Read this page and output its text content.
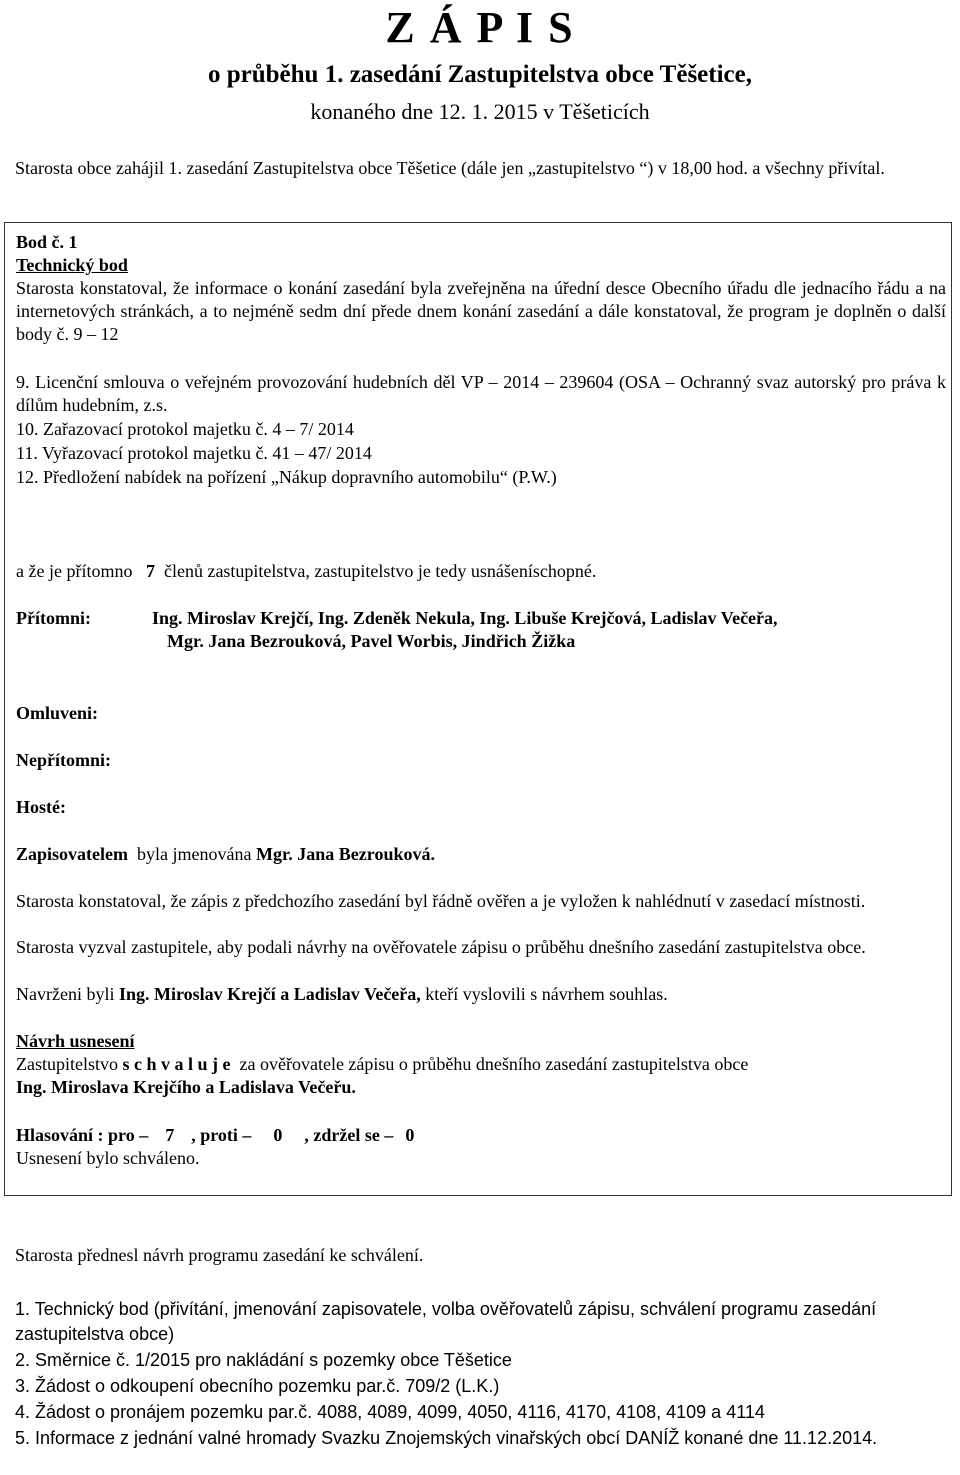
Z Á P I S
o průběhu 1. zasedání Zastupitelstva obce Těšetice,
konaného dne 12. 1. 2015 v Těšeticích
Starosta obce zahájil 1. zasedání Zastupitelstva obce Těšetice (dále jen „zastupitelstvo “) v 18,00 hod. a všechny přivítal.
Bod č. 1
Technický bod
Starosta konstatoval, že informace o konání zasedání byla zveřejněna na úřední desce Obecního úřadu dle jednacího řádu a na internetových stránkách, a to nejméně sedm dní přede dnem konání zasedání a dále konstatoval, že program je doplněn o další body č. 9 – 12
9. Licenční smlouva o veřejném provozování hudebních děl VP – 2014 – 239604 (OSA – Ochranný svaz autorský pro práva k dílům hudebním, z.s.
10. Zařazovací protokol majetku č. 4 – 7/ 2014
11. Vyřazovací protokol majetku č. 41 – 47/ 2014
12. Předložení nabídek na pořízení „Nákup dopravního automobilu“ (P.W.)
a že je přítomno 7 členů zastupitelstva, zastupitelstvo je tedy usnášeníschopné.
Přítomni:	Ing. Miroslav Krejčí, Ing. Zdeněk Nekula, Ing. Libuše Krejčová, Ladislav Večeřa,
Mgr. Jana Bezrouková, Pavel Worbis, Jindřich Žižka
Omluveni:
Nepřítomni:
Hosté:
Zapisovatelem byla jmenována Mgr. Jana Bezrouková.
Starosta konstatoval, že zápis z předchozího zasedání byl řádně ověřen a je vyložen k nahlédnutí v zasedací místnosti.
Starosta vyzval zastupitele, aby podali návrhy na ověřovatele zápisu o průběhu dnešního zasedání zastupitelstva obce.
Navrženi byli Ing. Miroslav Krejčí a Ladislav Večeřa, kteří vyslovili s návrhem souhlas.
Návrh usnesení
Zastupitelstvo s c h v a l u j e za ověřovatele zápisu o průběhu dnešního zasedání zastupitelstva obce
Ing. Miroslava Krejčího a Ladislava Večeřu.
Hlasování : pro – 7 , proti – 0 , zdržel se – 0
Usnesení bylo schváleno.
Starosta přednesl návrh programu zasedání ke schválení.
1. Technický bod (přivítání, jmenování zapisovatele, volba ověřovatelů zápisu, schválení programu zasedání zastupitelstva obce)
2. Směrnice č. 1/2015 pro nakládání s pozemky obce Těšetice
3. Žádost o odkoupení obecního pozemku par.č. 709/2 (L.K.)
4. Žádost o pronájem pozemku par.č. 4088, 4089, 4099, 4050, 4116, 4170, 4108, 4109 a 4114
5. Informace z jednání valné hromady Svazku Znojemských vinařských obcí DANÍŽ konané dne 11.12.2014.
